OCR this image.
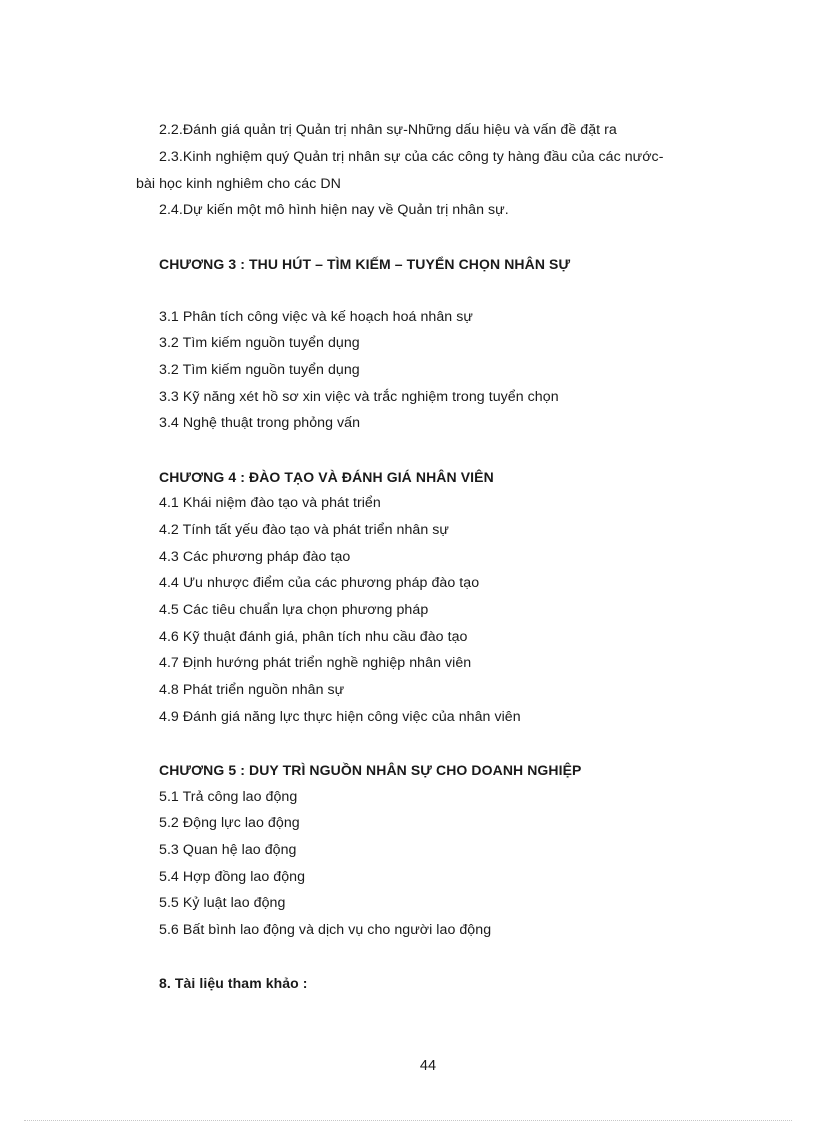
2.2.Đánh giá quản trị Quản trị nhân sự-Những dấu hiệu và vấn đề đặt ra
2.3.Kinh nghiệm quý Quản trị nhân sự của các công ty hàng đầu của các nước-
bài học kinh nghiêm cho các DN
2.4.Dự kiến một mô hình hiện nay về Quản trị nhân sự.
CHƯƠNG 3 : THU HÚT – TÌM KIẾM – TUYỂN CHỌN NHÂN SỰ
3.1 Phân tích công việc và kế hoạch hoá nhân sự
3.2 Tìm kiếm nguồn tuyển dụng
3.2 Tìm kiếm nguồn tuyển dụng
3.3 Kỹ năng xét hồ sơ xin việc và trắc nghiệm trong tuyển chọn
3.4 Nghệ thuật trong phỏng vấn
CHƯƠNG 4 : ĐÀO TẠO VÀ ĐÁNH GIÁ NHÂN VIÊN
4.1 Khái niệm đào tạo và phát triển
4.2 Tính tất yếu đào tạo và phát triển nhân sự
4.3 Các phương pháp đào tạo
4.4 Ưu nhược điểm của các phương pháp đào tạo
4.5 Các tiêu chuẩn lựa chọn phương pháp
4.6 Kỹ thuật đánh giá, phân tích nhu cầu đào tạo
4.7 Định hướng phát triển nghề nghiệp nhân viên
4.8 Phát triển nguồn nhân sự
4.9 Đánh giá năng lực thực hiện công việc của nhân viên
CHƯƠNG 5 : DUY TRÌ NGUỒN NHÂN SỰ CHO DOANH NGHIỆP
5.1 Trả công lao động
5.2 Động lực lao động
5.3 Quan hệ lao động
5.4 Hợp đồng lao động
5.5 Kỷ luật lao động
5.6 Bất bình lao động và dịch vụ cho người lao động
8. Tài liệu tham khảo :
44
